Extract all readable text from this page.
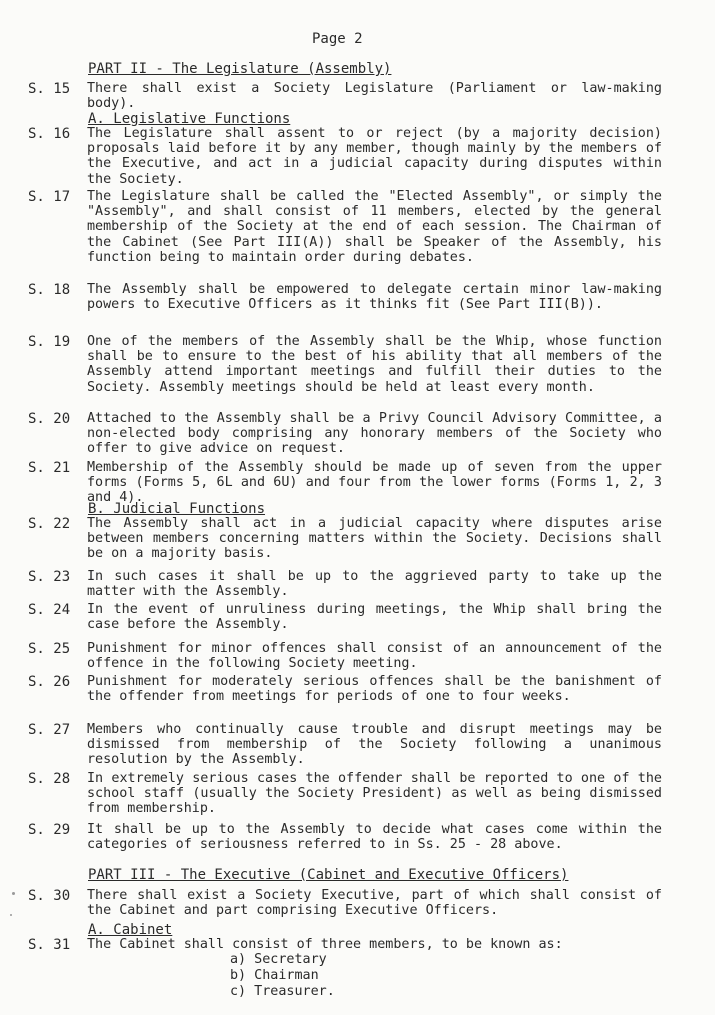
Page 2
PART II - The Legislature (Assembly)
S. 15 There shall exist a Society Legislature (Parliament or law-making body).
A. Legislative Functions
S. 16 The Legislature shall assent to or reject (by a majority decision) proposals laid before it by any member, though mainly by the members of the Executive, and act in a judicial capacity during disputes within the Society.
S. 17 The Legislature shall be called the "Elected Assembly", or simply the "Assembly", and shall consist of 11 members, elected by the general membership of the Society at the end of each session. The Chairman of the Cabinet (See Part III(A)) shall be Speaker of the Assembly, his function being to maintain order during debates.
S. 18 The Assembly shall be empowered to delegate certain minor law-making powers to Executive Officers as it thinks fit (See Part III(B)).
S. 19 One of the members of the Assembly shall be the Whip, whose function shall be to ensure to the best of his ability that all members of the Assembly attend important meetings and fulfill their duties to the Society. Assembly meetings should be held at least every month.
S. 20 Attached to the Assembly shall be a Privy Council Advisory Committee, a non-elected body comprising any honorary members of the Society who offer to give advice on request.
S. 21 Membership of the Assembly should be made up of seven from the upper forms (Forms 5, 6L and 6U) and four from the lower forms (Forms 1, 2, 3 and 4).
B. Judicial Functions
S. 22 The Assembly shall act in a judicial capacity where disputes arise between members concerning matters within the Society. Decisions shall be on a majority basis.
S. 23 In such cases it shall be up to the aggrieved party to take up the matter with the Assembly.
S. 24 In the event of unruliness during meetings, the Whip shall bring the case before the Assembly.
S. 25 Punishment for minor offences shall consist of an announcement of the offence in the following Society meeting.
S. 26 Punishment for moderately serious offences shall be the banishment of the offender from meetings for periods of one to four weeks.
S. 27 Members who continually cause trouble and disrupt meetings may be dismissed from membership of the Society following a unanimous resolution by the Assembly.
S. 28 In extremely serious cases the offender shall be reported to one of the school staff (usually the Society President) as well as being dismissed from membership.
S. 29 It shall be up to the Assembly to decide what cases come within the categories of seriousness referred to in Ss. 25 - 28 above.
PART III - The Executive (Cabinet and Executive Officers)
S. 30 There shall exist a Society Executive, part of which shall consist of the Cabinet and part comprising Executive Officers.
A. Cabinet
S. 31 The Cabinet shall consist of three members, to be known as:
a) Secretary
b) Chairman
c) Treasurer.
